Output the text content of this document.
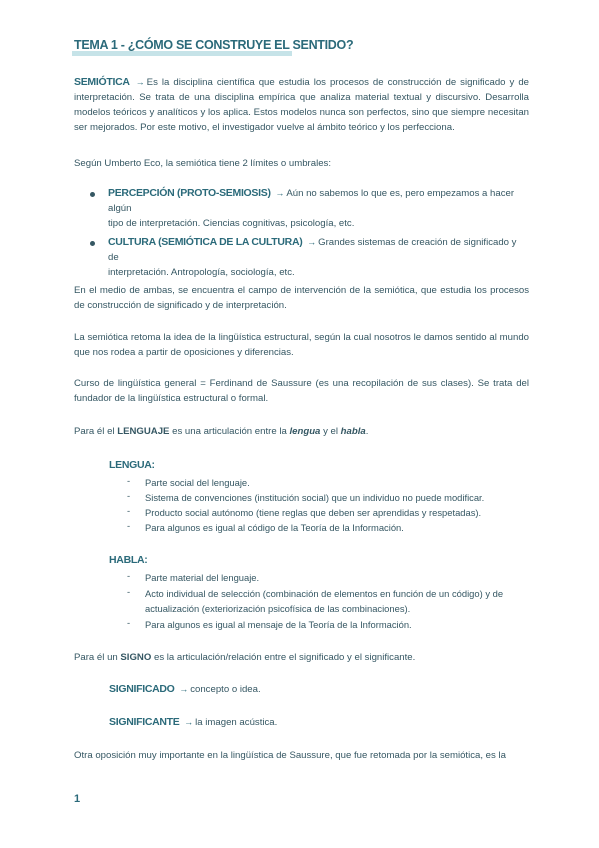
TEMA 1 - ¿CÓMO SE CONSTRUYE EL SENTIDO?
SEMIÓTICA → Es la disciplina científica que estudia los procesos de construcción de significado y de interpretación. Se trata de una disciplina empírica que analiza material textual y discursivo. Desarrolla modelos teóricos y analíticos y los aplica. Estos modelos nunca son perfectos, sino que siempre necesitan ser mejorados. Por este motivo, el investigador vuelve al ámbito teórico y los perfecciona.
Según Umberto Eco, la semiótica tiene 2 límites o umbrales:
PERCEPCIÓN (PROTO-SEMIOSIS) → Aún no sabemos lo que es, pero empezamos a hacer algún
tipo de interpretación. Ciencias cognitivas, psicología, etc.
CULTURA (SEMIÓTICA DE LA CULTURA) → Grandes sistemas de creación de significado y de
interpretación. Antropología, sociología, etc.
En el medio de ambas, se encuentra el campo de intervención de la semiótica, que estudia los procesos de construcción de significado y de interpretación.
La semiótica retoma la idea de la lingüística estructural, según la cual nosotros le damos sentido al mundo que nos rodea a partir de oposiciones y diferencias.
Curso de lingüística general = Ferdinand de Saussure (es una recopilación de sus clases). Se trata del fundador de la lingüística estructural o formal.
Para él el LENGUAJE es una articulación entre la lengua y el habla.
LENGUA:
- Parte social del lenguaje.
- Sistema de convenciones (institución social) que un individuo no puede modificar.
- Producto social autónomo (tiene reglas que deben ser aprendidas y respetadas).
- Para algunos es igual al código de la Teoría de la Información.
HABLA:
- Parte material del lenguaje.
- Acto individual de selección (combinación de elementos en función de un código) y de actualización (exteriorización psicofísica de las combinaciones).
- Para algunos es igual al mensaje de la Teoría de la Información.
Para él un SIGNO es la articulación/relación entre el significado y el significante.
SIGNIFICADO → concepto o idea.
SIGNIFICANTE → la imagen acústica.
Otra oposición muy importante en la lingüística de Saussure, que fue retomada por la semiótica, es la
1
